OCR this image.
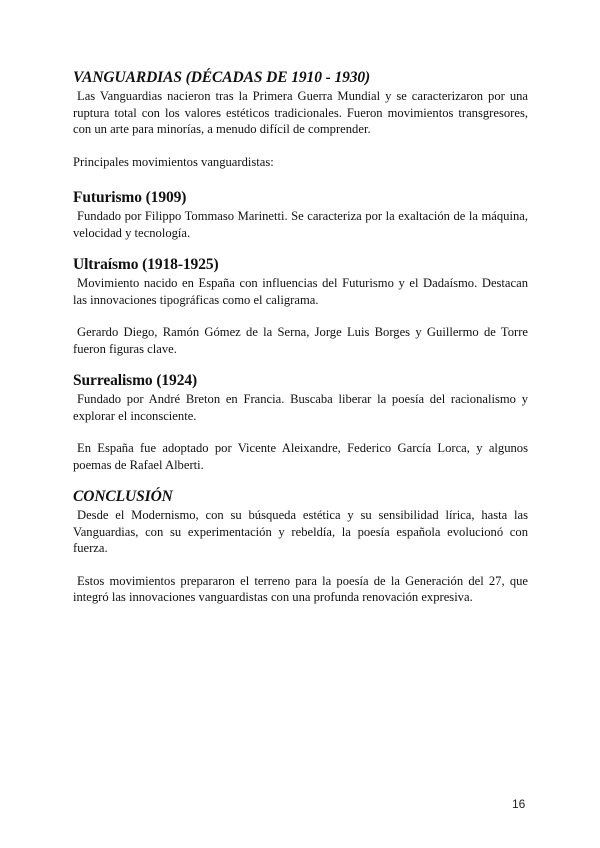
VANGUARDIAS (DÉCADAS DE 1910 - 1930)

Las Vanguardias nacieron tras la Primera Guerra Mundial y se caracterizaron por una ruptura total con los valores estéticos tradicionales. Fueron movimientos transgresores, con un arte para minorías, a menudo difícil de comprender.

Principales movimientos vanguardistas:

Futurismo (1909)

Fundado por Filippo Tommaso Marinetti. Se caracteriza por la exaltación de la máquina, velocidad y tecnología.

Ultraísmo (1918-1925)

Movimiento nacido en España con influencias del Futurismo y el Dadaísmo. Destacan las innovaciones tipográficas como el caligrama.

Gerardo Diego, Ramón Gómez de la Serna, Jorge Luis Borges y Guillermo de Torre fueron figuras clave.

Surrealismo (1924)

Fundado por André Breton en Francia. Buscaba liberar la poesía del racionalismo y explorar el inconsciente.

En España fue adoptado por Vicente Aleixandre, Federico García Lorca, y algunos poemas de Rafael Alberti.

CONCLUSIÓN

Desde el Modernismo, con su búsqueda estética y su sensibilidad lírica, hasta las Vanguardias, con su experimentación y rebeldía, la poesía española evolucionó con fuerza.

Estos movimientos prepararon el terreno para la poesía de la Generación del 27, que integró las innovaciones vanguardistas con una profunda renovación expresiva.

16
